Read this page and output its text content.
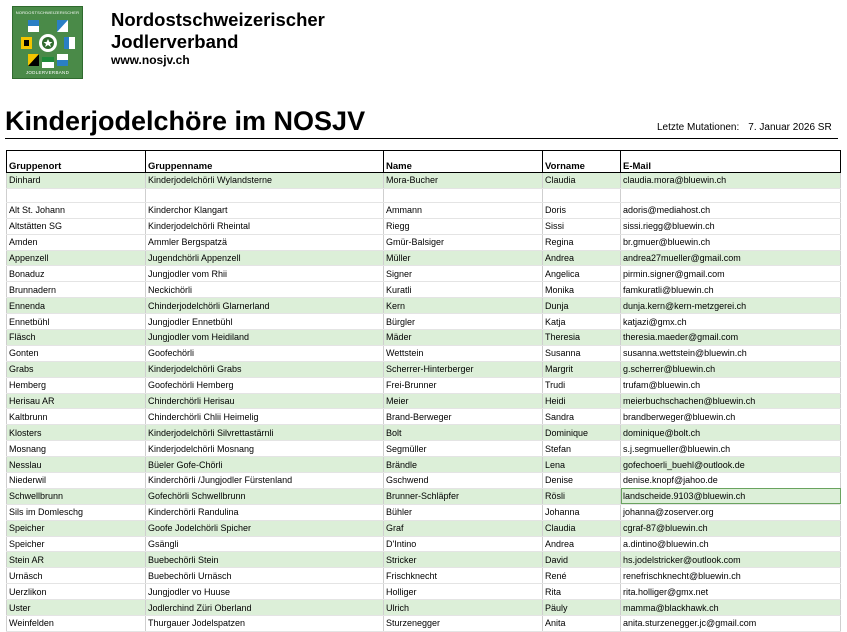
NORDOSTSCHWEIZERISCHER
JODLERVERBAND
Nordostschweizerischer
Jodlerverband
www.nosjv.ch
Kinderjodelchöre im NOSJV	Letzte Mutationen: 7. Januar 2026 SR
Gruppenort	Gruppenname	Name	Vorname	E-Mail
Dinhard	Kinderjodelchörli Wylandsterne	Mora-Bucher	Claudia	claudia.mora@bluewin.ch

Alt St. Johann	Kinderchor Klangart	Ammann	Doris	adoris@mediahost.ch
Altstätten SG	Kinderjodelchörli Rheintal	Riegg	Sissi	sissi.riegg@bluewin.ch
Amden	Ammler Bergspatzä	Gmür-Balsiger	Regina	br.gmuer@bluewin.ch
Appenzell	Jugendchörli Appenzell	Müller	Andrea	andrea27mueller@gmail.com
Bonaduz	Jungjodler vom Rhii	Signer	Angelica	pirmin.signer@gmail.com
Brunnadern	Neckichörli	Kuratli	Monika	famkuratli@bluewin.ch
Ennenda	Chinderjodelchörli Glarnerland	Kern	Dunja	dunja.kern@kern-metzgerei.ch
Ennetbühl	Jungjodler Ennetbühl	Bürgler	Katja	katjazi@gmx.ch
Fläsch	Jungjodler vom Heidiland	Mäder	Theresia	theresia.maeder@gmail.com
Gonten	Goofechörli	Wettstein	Susanna	susanna.wettstein@bluewin.ch
Grabs	Kinderjodelchörli Grabs	Scherrer-Hinterberger	Margrit	g.scherrer@bluewin.ch
Hemberg	Goofechörli Hemberg	Frei-Brunner	Trudi	trufam@bluewin.ch
Herisau AR	Chinderchörli Herisau	Meier	Heidi	meierbuchschachen@bluewin.ch
Kaltbrunn	Chinderchörli Chlii Heimelig	Brand-Berweger	Sandra	brandberweger@bluewin.ch
Klosters	Kinderjodelchörli Silvrettastärnli	Bolt	Dominique	dominique@bolt.ch
Mosnang	Kinderjodelchörli Mosnang	Segmüller	Stefan	s.j.segmueller@bluewin.ch
Nesslau	Büeler Gofe-Chörli	Brändle	Lena	gofechoerli_buehl@outlook.de
Niederwil	Kinderchörli /Jungjodler Fürstenland	Gschwend	Denise	denise.knopf@jahoo.de
Schwellbrunn	Gofechörli Schwellbrunn	Brunner-Schläpfer	Rösli	landscheide.9103@bluewin.ch
Sils im Domleschg	Kinderchörli Randulina	Bühler	Johanna	johanna@zoserver.org
Speicher	Goofe Jodelchörli Spicher	Graf	Claudia	cgraf-87@bluewin.ch
Speicher	Gsängli	D'Intino	Andrea	a.dintino@bluewin.ch
Stein AR	Buebechörli Stein	Stricker	David	hs.jodelstricker@outlook.com
Urnäsch	Buebechörli Urnäsch	Frischknecht	René	renefrischknecht@bluewin.ch
Uerzlikon	Jungjodler vo Huuse	Holliger	Rita	rita.holliger@gmx.net
Uster	Jodlerchind Züri Oberland	Ulrich	Päuly	mamma@blackhawk.ch
Weinfelden	Thurgauer Jodelspatzen	Sturzenegger	Anita	anita.sturzenegger.jc@gmail.com
